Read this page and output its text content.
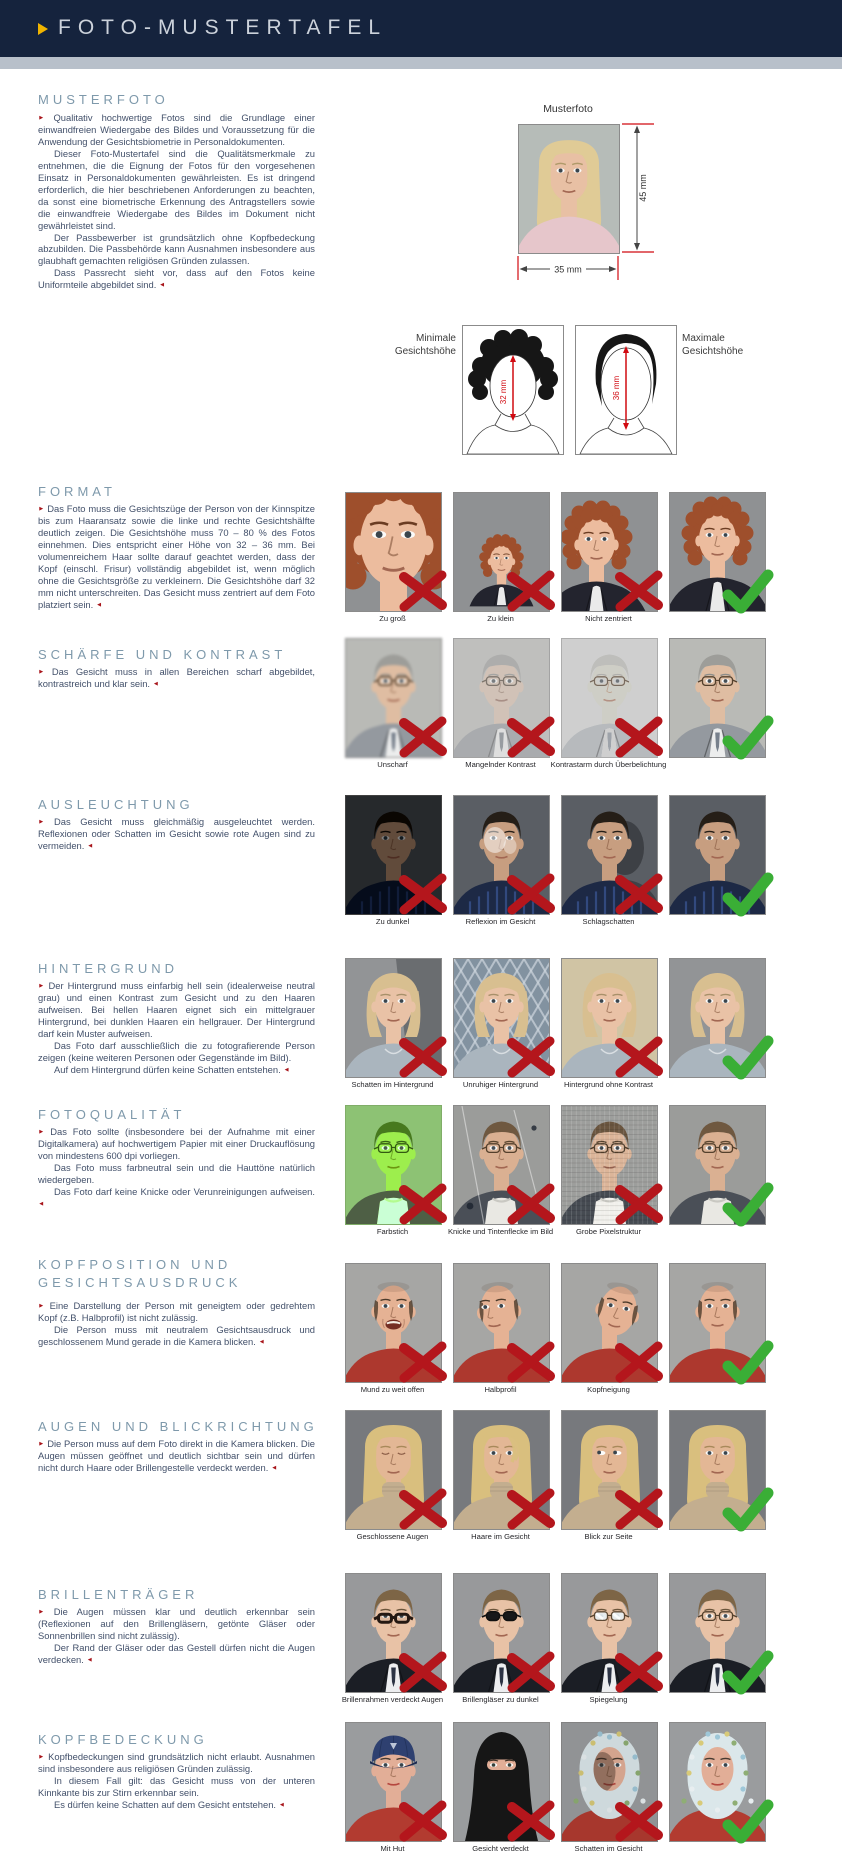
FOTO-MUSTERTAFEL
MUSTERFOTO
► Qualitativ hochwertige Fotos sind die Grundlage einer einwandfreien Wiedergabe des Bildes und Voraussetzung für die Anwendung der Gesichtsbiometrie in Personaldokumenten.
Dieser Foto-Mustertafel sind die Qualitätsmerkmale zu entnehmen, die die Eignung der Fotos für den vorgesehenen Einsatz in Personaldokumenten gewährleisten. Es ist dringend erforderlich, die hier beschriebenen Anforderungen zu beachten, da sonst eine biometrische Erkennung des Antragstellers sowie die einwandfreie Wiedergabe des Bildes im Dokument nicht gewährleistet sind.
Der Passbewerber ist grundsätzlich ohne Kopfbedeckung abzubilden. Die Passbehörde kann Ausnahmen insbesondere aus glaubhaft gemachten religiösen Gründen zulassen.
Dass Passrecht sieht vor, dass auf den Fotos keine Uniformteile abgebildet sind. ◄
Musterfoto
45 mm
35 mm
Minimale
Gesichtshöhe
32 mm	36 mm
Maximale
Gesichtshöhe
FORMAT
► Das Foto muss die Gesichtszüge der Person von der Kinnspitze bis zum Haaransatz sowie die linke und rechte Gesichtshälfte deutlich zeigen. Die Gesichtshöhe muss 70 – 80 % des Fotos einnehmen. Dies entspricht einer Höhe von 32 – 36 mm. Bei volumenreichem Haar sollte darauf geachtet werden, dass der Kopf (einschl. Frisur) vollständig abgebildet ist, wenn möglich ohne die Gesichtsgröße zu verkleinern. Die Gesichtshöhe darf 32 mm nicht unterschreiten. Das Gesicht muss zentriert auf dem Foto platziert sein. ◄
Zu groß	Zu klein	Nicht zentriert
SCHÄRFE UND KONTRAST
► Das Gesicht muss in allen Bereichen scharf abgebildet, kontrastreich und klar sein. ◄
Unscharf	Mangelnder Kontrast	Kontrastarm durch Überbelichtung
AUSLEUCHTUNG
► Das Gesicht muss gleichmäßig ausgeleuchtet werden. Reflexionen oder Schatten im Gesicht sowie rote Augen sind zu vermeiden. ◄
Zu dunkel	Reflexion im Gesicht	Schlagschatten
HINTERGRUND
► Der Hintergrund muss einfarbig hell sein (idealerweise neutral grau) und einen Kontrast zum Gesicht und zu den Haaren aufweisen. Bei hellen Haaren eignet sich ein mittelgrauer Hintergrund, bei dunklen Haaren ein hellgrauer. Der Hintergrund darf kein Muster aufweisen.
Das Foto darf ausschließlich die zu fotografierende Person zeigen (keine weiteren Personen oder Gegenstände im Bild).
Auf dem Hintergrund dürfen keine Schatten entstehen. ◄
Schatten im Hintergrund	Unruhiger Hintergrund	Hintergrund ohne Kontrast
FOTOQUALITÄT
► Das Foto sollte (insbesondere bei der Aufnahme mit einer Digitalkamera) auf hochwertigem Papier mit einer Druckauflösung von mindestens 600 dpi vorliegen.
Das Foto muss farbneutral sein und die Hauttöne natürlich wiedergeben.
Das Foto darf keine Knicke oder Verunreinigungen aufweisen. ◄
Farbstich	Knicke und Tintenflecke im Bild	Grobe Pixelstruktur
KOPFPOSITION UND GESICHTSAUSDRUCK
► Eine Darstellung der Person mit geneigtem oder gedrehtem Kopf (z.B. Halbprofil) ist nicht zulässig.
Die Person muss mit neutralem Gesichtsausdruck und geschlossenem Mund gerade in die Kamera blicken. ◄
Mund zu weit offen	Halbprofil	Kopfneigung
AUGEN UND BLICKRICHTUNG
► Die Person muss auf dem Foto direkt in die Kamera blicken. Die Augen müssen geöffnet und deutlich sichtbar sein und dürfen nicht durch Haare oder Brillengestelle verdeckt werden. ◄
Geschlossene Augen	Haare im Gesicht	Blick zur Seite
BRILLENTRÄGER
► Die Augen müssen klar und deutlich erkennbar sein (Reflexionen auf den Brillengläsern, getönte Gläser oder Sonnenbrillen sind nicht zulässig).
Der Rand der Gläser oder das Gestell dürfen nicht die Augen verdecken. ◄
Brillenrahmen verdeckt Augen	Brillengläser zu dunkel	Spiegelung
KOPFBEDECKUNG
► Kopfbedeckungen sind grundsätzlich nicht erlaubt. Ausnahmen sind insbesondere aus religiösen Gründen zulässig.
In diesem Fall gilt: das Gesicht muss von der unteren Kinnkante bis zur Stirn erkennbar sein.
Es dürfen keine Schatten auf dem Gesicht entstehen. ◄
Mit Hut	Gesicht verdeckt	Schatten im Gesicht
